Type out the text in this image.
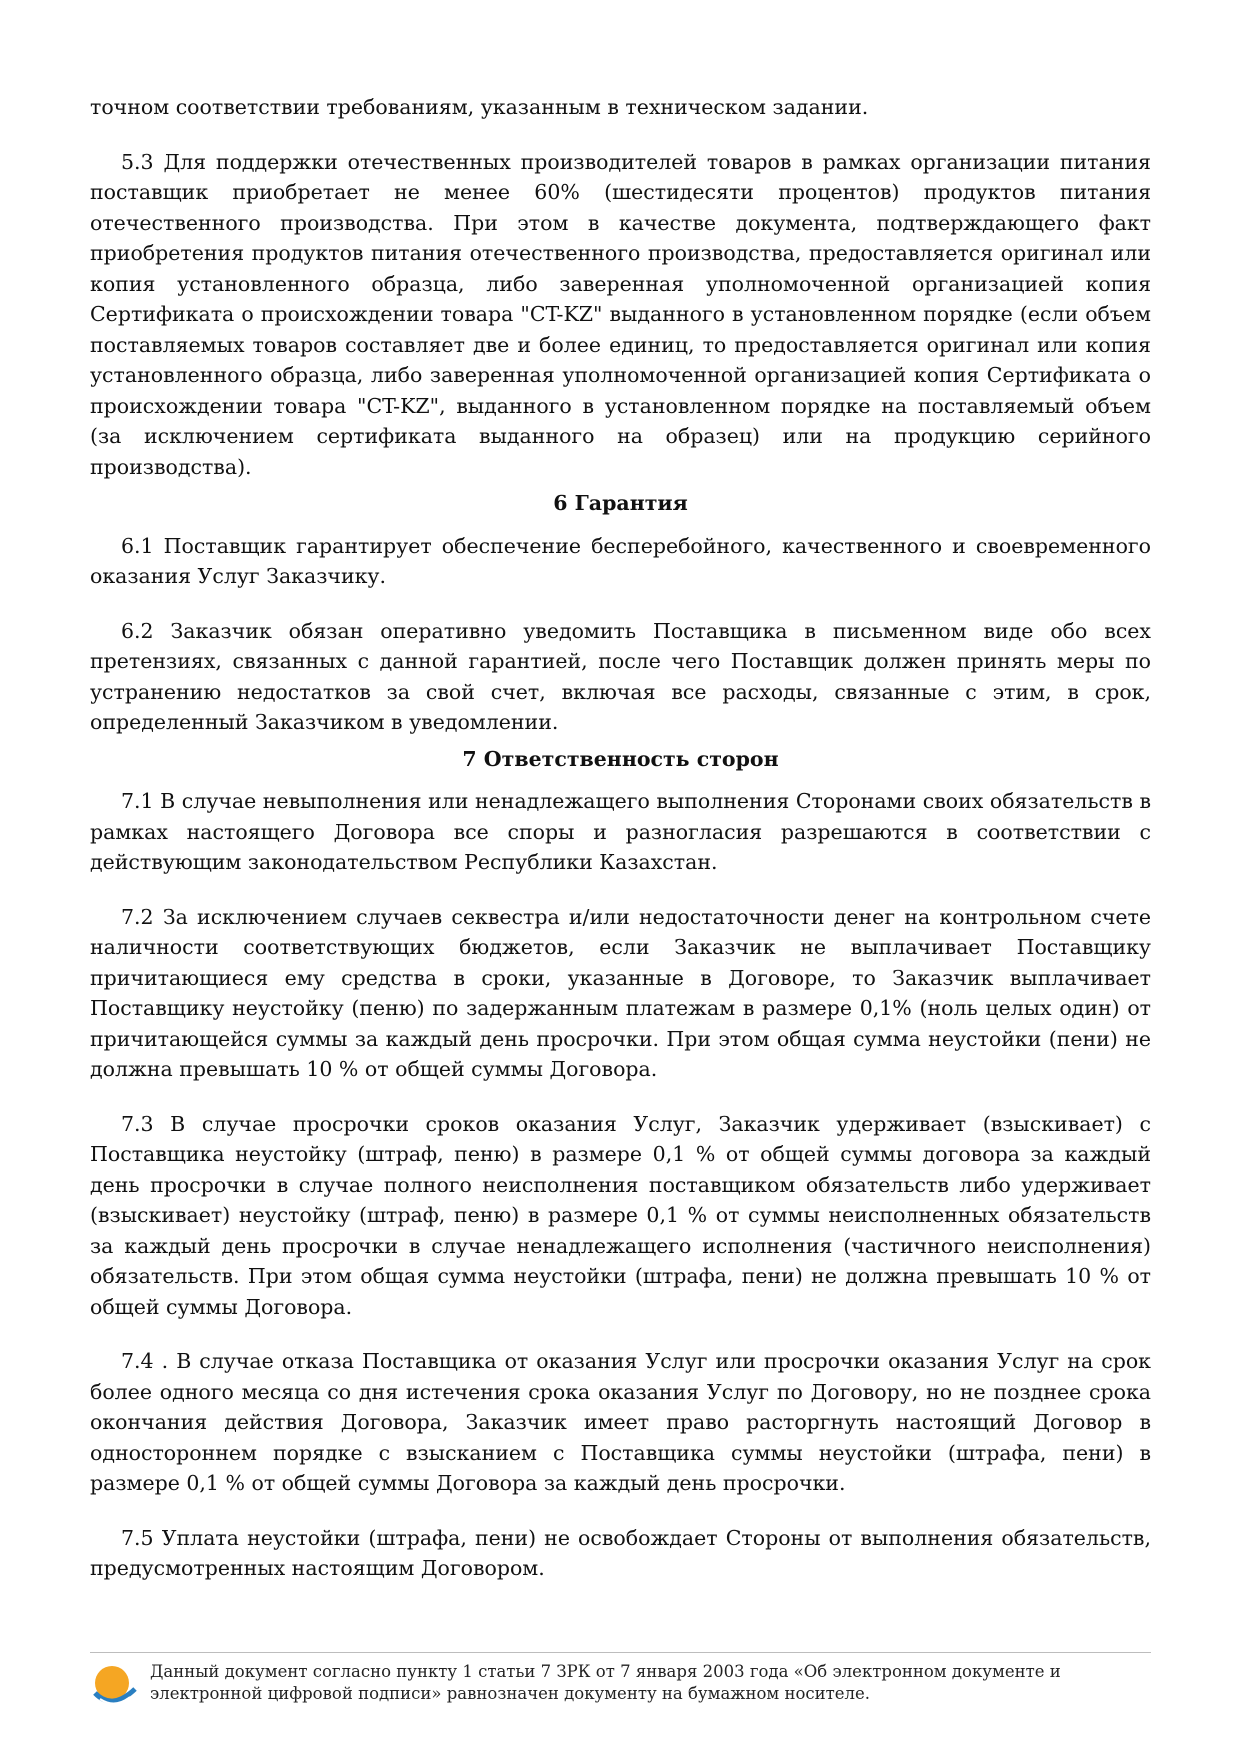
точном соответствии требованиям, указанным в техническом задании.

5.3 Для поддержки отечественных производителей товаров в рамках организации питания поставщик приобретает не менее 60% (шестидесяти процентов) продуктов питания отечественного производства. При этом в качестве документа, подтверждающего факт приобретения продуктов питания отечественного производства, предоставляется оригинал или копия установленного образца, либо заверенная уполномоченной организацией копия Сертификата о происхождении товара "CT-KZ" выданного в установленном порядке (если объем поставляемых товаров составляет две и более единиц, то предоставляется оригинал или копия установленного образца, либо заверенная уполномоченной организацией копия Сертификата о происхождении товара "CT-KZ", выданного в установленном порядке на поставляемый объем (за исключением сертификата выданного на образец) или на продукцию серийного производства).

6 Гарантия

6.1 Поставщик гарантирует обеспечение бесперебойного, качественного и своевременного оказания Услуг Заказчику.

6.2 Заказчик обязан оперативно уведомить Поставщика в письменном виде обо всех претензиях, связанных с данной гарантией, после чего Поставщик должен принять меры по устранению недостатков за свой счет, включая все расходы, связанные с этим, в срок, определенный Заказчиком в уведомлении.

7 Ответственность сторон

7.1 В случае невыполнения или ненадлежащего выполнения Сторонами своих обязательств в рамках настоящего Договора все споры и разногласия разрешаются в соответствии с действующим законодательством Республики Казахстан.

7.2 За исключением случаев секвестра и/или недостаточности денег на контрольном счете наличности соответствующих бюджетов, если Заказчик не выплачивает Поставщику причитающиеся ему средства в сроки, указанные в Договоре, то Заказчик выплачивает Поставщику неустойку (пеню) по задержанным платежам в размере 0,1% (ноль целых один) от причитающейся суммы за каждый день просрочки. При этом общая сумма неустойки (пени) не должна превышать 10 % от общей суммы Договора.

7.3 В случае просрочки сроков оказания Услуг, Заказчик удерживает (взыскивает) с Поставщика неустойку (штраф, пеню) в размере 0,1 % от общей суммы договора за каждый день просрочки в случае полного неисполнения поставщиком обязательств либо удерживает (взыскивает) неустойку (штраф, пеню) в размере 0,1 % от суммы неисполненных обязательств за каждый день просрочки в случае ненадлежащего исполнения (частичного неисполнения) обязательств. При этом общая сумма неустойки (штрафа, пени) не должна превышать 10 % от общей суммы Договора.

7.4 . В случае отказа Поставщика от оказания Услуг или просрочки оказания Услуг на срок более одного месяца со дня истечения срока оказания Услуг по Договору, но не позднее срока окончания действия Договора, Заказчик имеет право расторгнуть настоящий Договор в одностороннем порядке с взысканием с Поставщика суммы неустойки (штрафа, пени) в размере 0,1 % от общей суммы Договора за каждый день просрочки.

7.5 Уплата неустойки (штрафа, пени) не освобождает Стороны от выполнения обязательств, предусмотренных настоящим Договором.

Данный документ согласно пункту 1 статьи 7 ЗРК от 7 января 2003 года «Об электронном документе и
электронной цифровой подписи» равнозначен документу на бумажном носителе.
